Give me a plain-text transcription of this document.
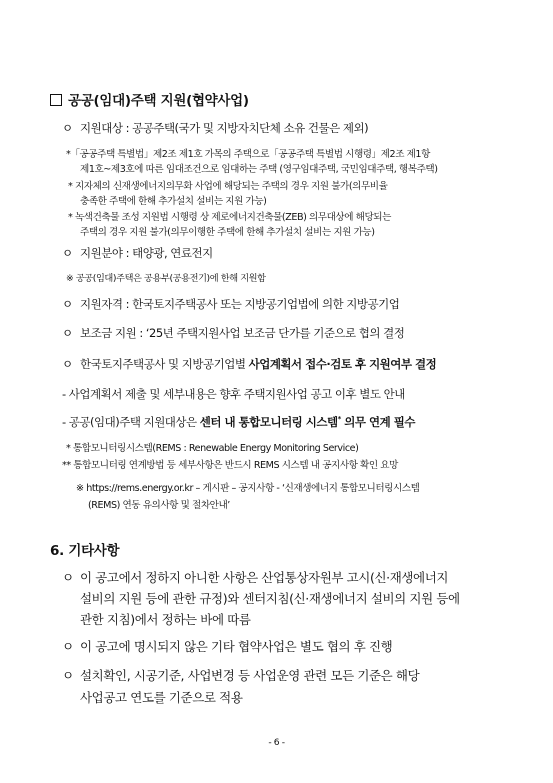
공공(임대)주택 지원(협약사업)
ㅇ 지원대상 : 공공주택(국가 및 지방자치단체 소유 건물은 제외)
*「공공주택 특별법」제2조 제1호 가목의 주택으로「공공주택 특별법 시행령」제2조 제1항
제1호~제3호에 따른 임대조건으로 임대하는 주택 (영구임대주택, 국민임대주택, 행복주택)
* 지자체의 신재생에너지의무화 사업에 해당되는 주택의 경우 지원 불가(의무비율
충족한 주택에 한해 추가설치 설비는 지원 가능)
* 녹색건축물 조성 지원법 시행령 상 제로에너지건축물(ZEB) 의무대상에 해당되는
주택의 경우 지원 불가(의무이행한 주택에 한해 추가설치 설비는 지원 가능)
ㅇ 지원분야 : 태양광, 연료전지
※ 공공(임대)주택은 공용부(공용전기)에 한해 지원함
ㅇ 지원자격 : 한국토지주택공사 또는 지방공기업법에 의한 지방공기업
ㅇ 보조금 지원 : ‘25년 주택지원사업 보조금 단가를 기준으로 협의 결정
ㅇ 한국토지주택공사 및 지방공기업별 사업계획서 접수·검토 후 지원여부 결정
- 사업계획서 제출 및 세부내용은 향후 주택지원사업 공고 이후 별도 안내
- 공공(임대)주택 지원대상은 센터 내 통합모니터링 시스템* 의무 연계 필수
* 통합모니터링시스템(REMS : Renewable Energy Monitoring Service)
** 통합모니터링 연계방법 등 세부사항은 반드시 REMS 시스템 내 공지사항 확인 요망
※ https://rems.energy.or.kr – 게시판 – 공지사항 - ‘신재생에너지 통합모니터링시스템
(REMS) 연동 유의사항 및 절차안내’
6. 기타사항
ㅇ 이 공고에서 정하지 아니한 사항은 산업통상자원부 고시(신·재생에너지
설비의 지원 등에 관한 규정)와 센터지침(신·재생에너지 설비의 지원 등에
관한 지침)에서 정하는 바에 따름
ㅇ 이 공고에 명시되지 않은 기타 협약사업은 별도 협의 후 진행
ㅇ 설치확인, 시공기준, 사업변경 등 사업운영 관련 모든 기준은 해당
사업공고 연도를 기준으로 적용
- 6 -
